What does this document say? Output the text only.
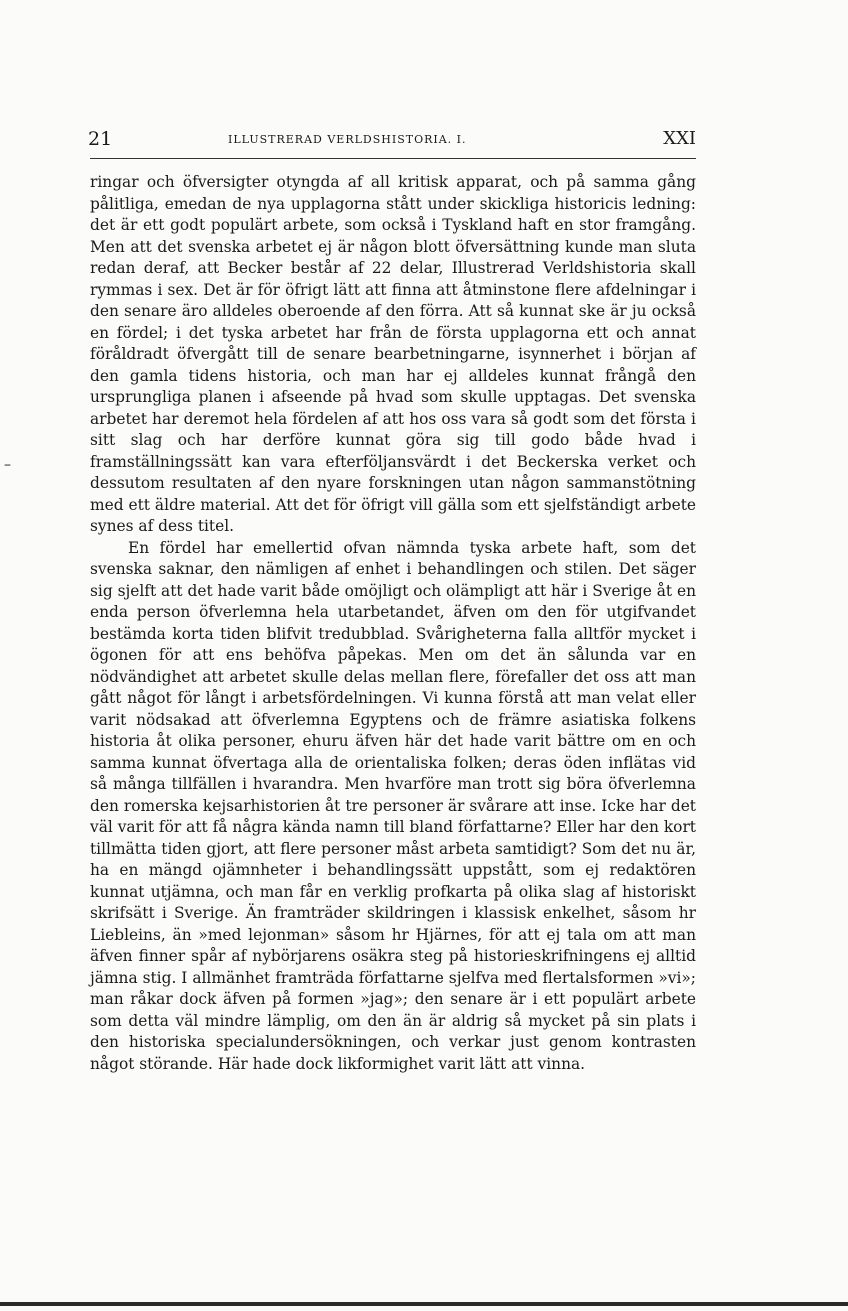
21	ILLUSTRERAD VERLDSHISTORIA. I.	XXI
–

ringar och öfversigter otyngda af all kritisk apparat, och på samma gång pålitliga, emedan de nya upplagorna stått under skickliga historicis ledning: det är ett godt populärt arbete, som också i Tyskland haft en stor framgång. Men att det svenska arbetet ej är någon blott öfversättning kunde man sluta redan deraf, att Becker består af 22 delar, Illustrerad Verldshistoria skall rymmas i sex. Det är för öfrigt lätt att finna att åtminstone flere afdelningar i den senare äro alldeles oberoende af den förra. Att så kunnat ske är ju också en fördel; i det tyska arbetet har från de första upplagorna ett och annat föråldradt öfvergått till de senare bearbetningarne, isynnerhet i början af den gamla tidens historia, och man har ej alldeles kunnat frångå den ursprungliga planen i afseende på hvad som skulle upptagas. Det svenska arbetet har deremot hela fördelen af att hos oss vara så godt som det första i sitt slag och har derföre kunnat göra sig till godo både hvad i framställningssätt kan vara efterföljansvärdt i det Beckerska verket och dessutom resultaten af den nyare forskningen utan någon sammanstötning med ett äldre material. Att det för öfrigt vill gälla som ett sjelfständigt arbete synes af dess titel.

En fördel har emellertid ofvan nämnda tyska arbete haft, som det svenska saknar, den nämligen af enhet i behandlingen och stilen. Det säger sig sjelft att det hade varit både omöjligt och olämpligt att här i Sverige åt en enda person öfverlemna hela utarbetandet, äfven om den för utgifvandet bestämda korta tiden blifvit tredubblad. Svårigheterna falla alltför mycket i ögonen för att ens behöfva påpekas. Men om det än sålunda var en nödvändighet att arbetet skulle delas mellan flere, förefaller det oss att man gått något för långt i arbetsfördelningen. Vi kunna förstå att man velat eller varit nödsakad att öfverlemna Egyptens och de främre asiatiska folkens historia åt olika personer, ehuru äfven här det hade varit bättre om en och samma kunnat öfvertaga alla de orientaliska folken; deras öden inflätas vid så många tillfällen i hvarandra. Men hvarföre man trott sig böra öfverlemna den romerska kejsarhistorien åt tre personer är svårare att inse. Icke har det väl varit för att få några kända namn till bland författarne? Eller har den kort tillmätta tiden gjort, att flere personer måst arbeta samtidigt? Som det nu är, ha en mängd ojämnheter i behandlingssätt uppstått, som ej redaktören kunnat utjämna, och man får en verklig profkarta på olika slag af historiskt skrifsätt i Sverige. Än framträder skildringen i klassisk enkelhet, såsom hr Liebleins, än »med lejonman» såsom hr Hjärnes, för att ej tala om att man äfven finner spår af nybörjarens osäkra steg på historieskrifningens ej alltid jämna stig. I allmänhet framträda författarne sjelfva med flertalsformen »vi»; man råkar dock äfven på formen »jag»; den senare är i ett populärt arbete som detta väl mindre lämplig, om den än är aldrig så mycket på sin plats i den historiska specialundersökningen, och verkar just genom kontrasten något störande. Här hade dock likformighet varit lätt att vinna.
